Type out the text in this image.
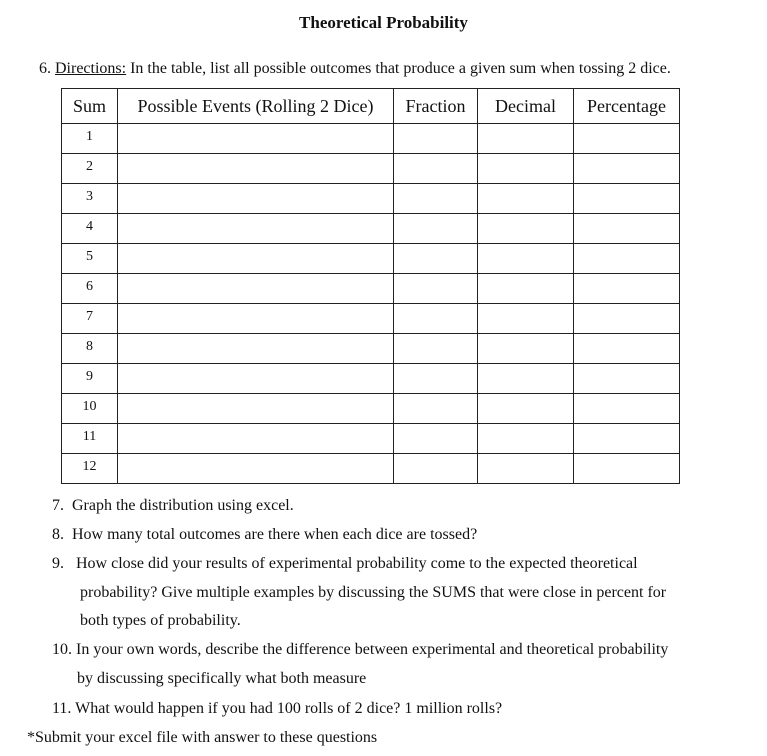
Theoretical Probability
6. Directions: In the table, list all possible outcomes that produce a given sum when tossing 2 dice.
Sum	Possible Events (Rolling 2 Dice)	Fraction	Decimal	Percentage
1				
2				
3				
4				
5				
6				
7				
8				
9				
10				
11				
12				
7. Graph the distribution using excel.
8. How many total outcomes are there when each dice are tossed?
9. How close did your results of experimental probability come to the expected theoretical
probability? Give multiple examples by discussing the SUMS that were close in percent for
both types of probability.
10. In your own words, describe the difference between experimental and theoretical probability
by discussing specifically what both measure
11. What would happen if you had 100 rolls of 2 dice? 1 million rolls?
*Submit your excel file with answer to these questions
